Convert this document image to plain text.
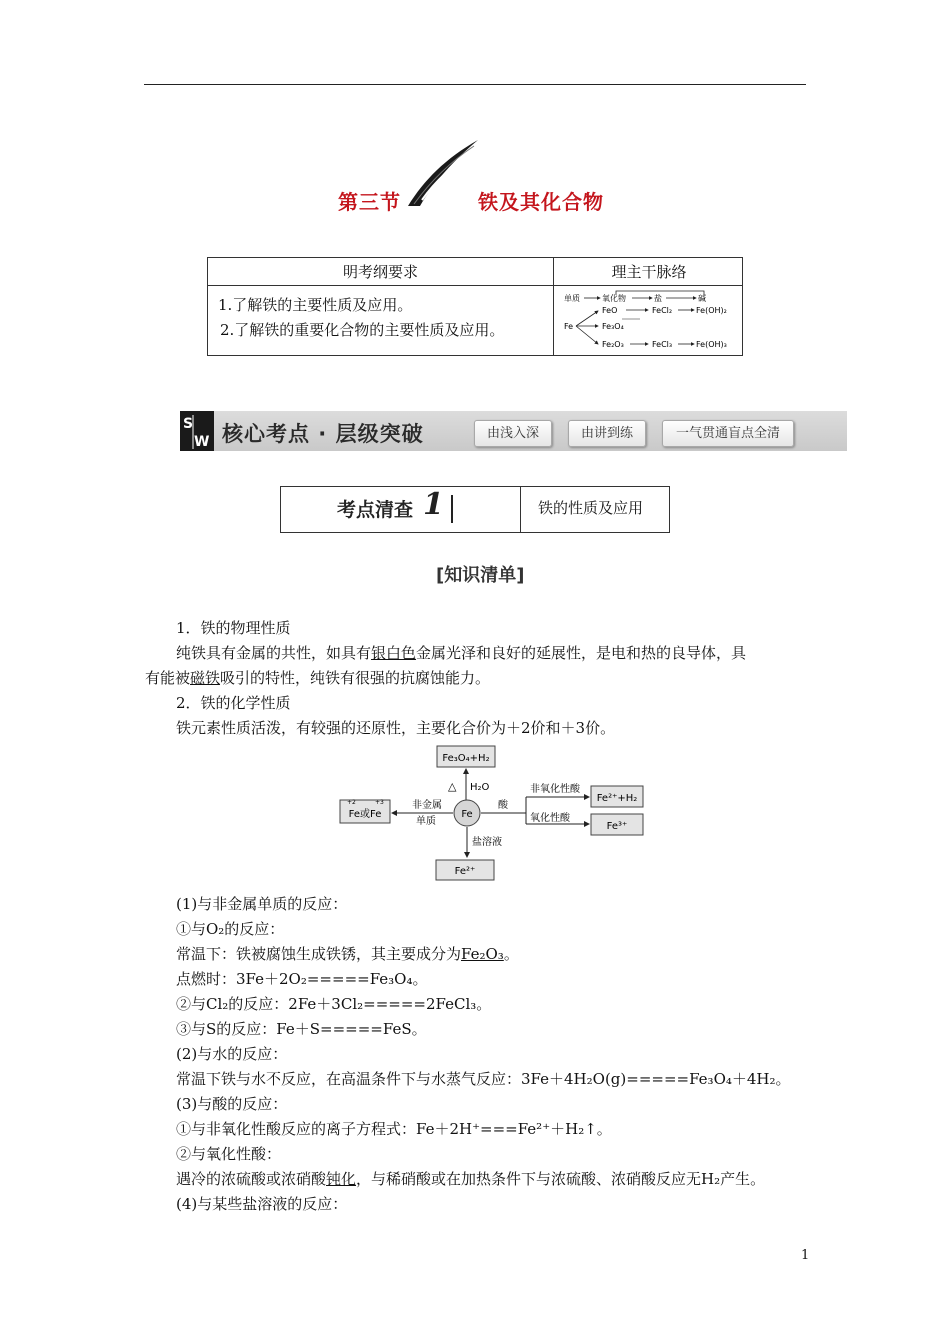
第三节	铁及其化合物
明考纲要求	理主干脉络
1.了解铁的主要性质及应用。
2.了解铁的重要化合物的主要性质及应用。
单质	氧化物	盐	碱
Fe
FeO
Fe₃O₄
Fe₂O₃
FeCl₂
FeCl₃
Fe(OH)₂
Fe(OH)₃
S
W 核心考点 · 层级突破	由浅入深	由讲到练	一气贯通盲点全清
考点清查 1	铁的性质及应用
[知识清单]
1．铁的物理性质
纯铁具有金属的共性，如具有银白色金属光泽和良好的延展性，是电和热的良导体，具
有能被磁铁吸引的特性，纯铁有很强的抗腐蚀能力。
2．铁的化学性质
铁元素性质活泼，有较强的还原性，主要化合价为＋2价和＋3价。
Fe₃O₄+H₂
△ H₂O
Fe
Fe或Fe
+2	+3	非金属
单质
酸
非氧化性酸
氧化性酸
Fe²⁺+H₂
Fe³⁺
盐溶液
Fe²⁺
(1)与非金属单质的反应：
①与O₂的反应：
常温下：铁被腐蚀生成铁锈，其主要成分为Fe₂O₃。
点燃时：3Fe＋2O₂=====Fe₃O₄。
②与Cl₂的反应：2Fe＋3Cl₂=====2FeCl₃。
③与S的反应：Fe＋S=====FeS。
(2)与水的反应：
常温下铁与水不反应，在高温条件下与水蒸气反应：3Fe＋4H₂O(g)=====Fe₃O₄＋4H₂。
(3)与酸的反应：
①与非氧化性酸反应的离子方程式：Fe＋2H⁺===Fe²⁺＋H₂↑。
②与氧化性酸：
遇冷的浓硫酸或浓硝酸钝化，与稀硝酸或在加热条件下与浓硫酸、浓硝酸反应无H₂产生。
(4)与某些盐溶液的反应：
1
